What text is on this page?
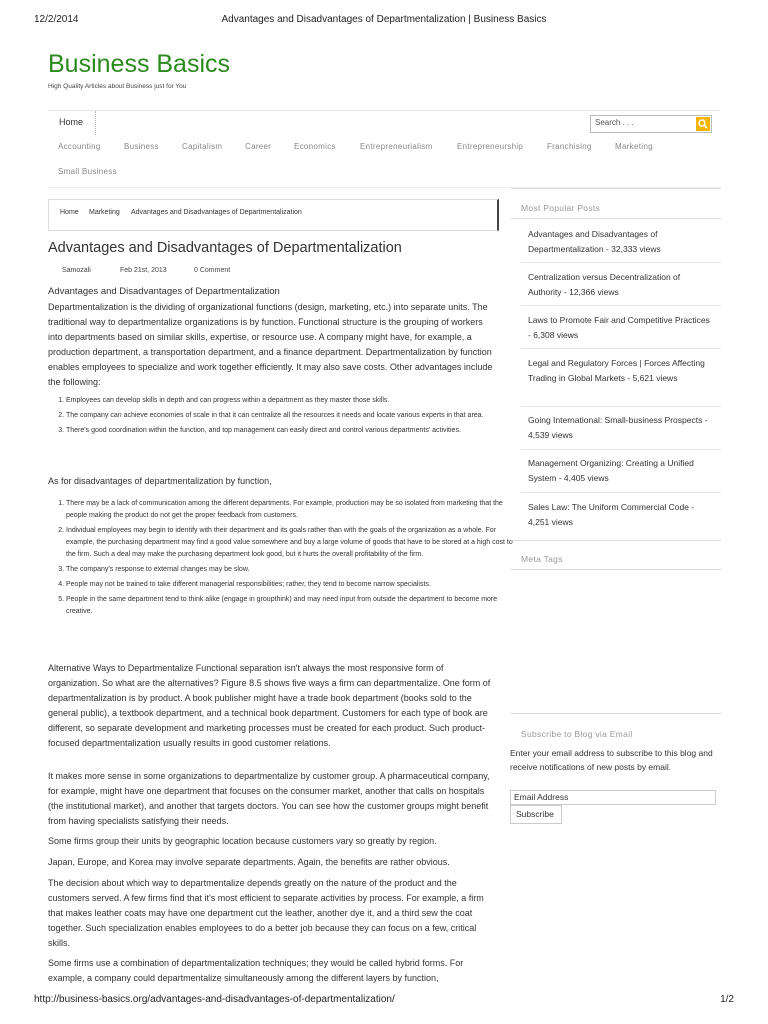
12/2/2014	Advantages and Disadvantages of Departmentalization | Business Basics
Business Basics
High Quality Articles about Business just for You
Home	Search . . .
Accounting	Business	Capitalism	Career	Economics	Entrepreneurialism	Entrepreneurship	Franchising	Marketing
Small Business
Home Marketing Advantages and Disadvantages of Departmentalization
Advantages and Disadvantages of Departmentalization
Samozali	Feb 21st, 2013	0 Comment
Advantages and Disadvantages of Departmentalization

Departmentalization is the dividing of organizational functions (design, marketing, etc.) into separate units. The traditional way to departmentalize organizations is by function. Functional structure is the grouping of workers into departments based on similar skills, expertise, or resource use. A company might have, for example, a production department, a transportation department, and a finance department. Departmentalization by function enables employees to specialize and work together efficiently. It may also save costs. Other advantages include the following:

1. Employees can develop skills in depth and can progress within a department as they master those skills.
2. The company can achieve economies of scale in that it can centralize all the resources it needs and locate various experts in that area.
3. There's good coordination within the function, and top management can easily direct and control various departments' activities.

As for disadvantages of departmentalization by function,

1. There may be a lack of communication among the different departments. For example, production may be so isolated from marketing that the people making the product do not get the proper feedback from customers.
2. Individual employees may begin to identify with their department and its goals rather than with the goals of the organization as a whole. For example, the purchasing department may find a good value somewhere and buy a large volume of goods that have to be stored at a high cost to the firm. Such a deal may make the purchasing department look good, but it hurts the overall profitability of the firm.
3. The company's response to external changes may be slow.
4. People may not be trained to take different managerial responsibilities; rather, they tend to become narrow specialists.
5. People in the same department tend to think alike (engage in groupthink) and may need input from outside the department to become more creative.

Alternative Ways to Departmentalize Functional separation isn't always the most responsive form of organization. So what are the alternatives? Figure 8.5 shows five ways a firm can departmentalize. One form of departmentalization is by product. A book publisher might have a trade book department (books sold to the general public), a textbook department, and a technical book department. Customers for each type of book are different, so separate development and marketing processes must be created for each product. Such product-focused departmentalization usually results in good customer relations.

It makes more sense in some organizations to departmentalize by customer group. A pharmaceutical company, for example, might have one department that focuses on the consumer market, another that calls on hospitals (the institutional market), and another that targets doctors. You can see how the customer groups might benefit from having specialists satisfying their needs.

Some firms group their units by geographic location because customers vary so greatly by region.

Japan, Europe, and Korea may involve separate departments. Again, the benefits are rather obvious.

The decision about which way to departmentalize depends greatly on the nature of the product and the customers served. A few firms find that it's most efficient to separate activities by process. For example, a firm that makes leather coats may have one department cut the leather, another dye it, and a third sew the coat together. Such specialization enables employees to do a better job because they can focus on a few, critical skills.

Some firms use a combination of departmentalization techniques; they would be called hybrid forms. For example, a company could departmentalize simultaneously among the different layers by function,

Most Popular Posts
Advantages and Disadvantages of Departmentalization - 32,333 views
Centralization versus Decentralization of Authority - 12,366 views
Laws to Promote Fair and Competitive Practices - 6,308 views
Legal and Regulatory Forces | Forces Affecting Trading in Global Markets - 5,621 views
Going International: Small-business Prospects - 4,539 views
Management Organizing: Creating a Unified System - 4,405 views
Sales Law: The Uniform Commercial Code - 4,251 views
Meta Tags
Subscribe to Blog via Email
Enter your email address to subscribe to this blog and receive notifications of new posts by email.
Email Address
Subscribe
http://business-basics.org/advantages-and-disadvantages-of-departmentalization/	1/2
